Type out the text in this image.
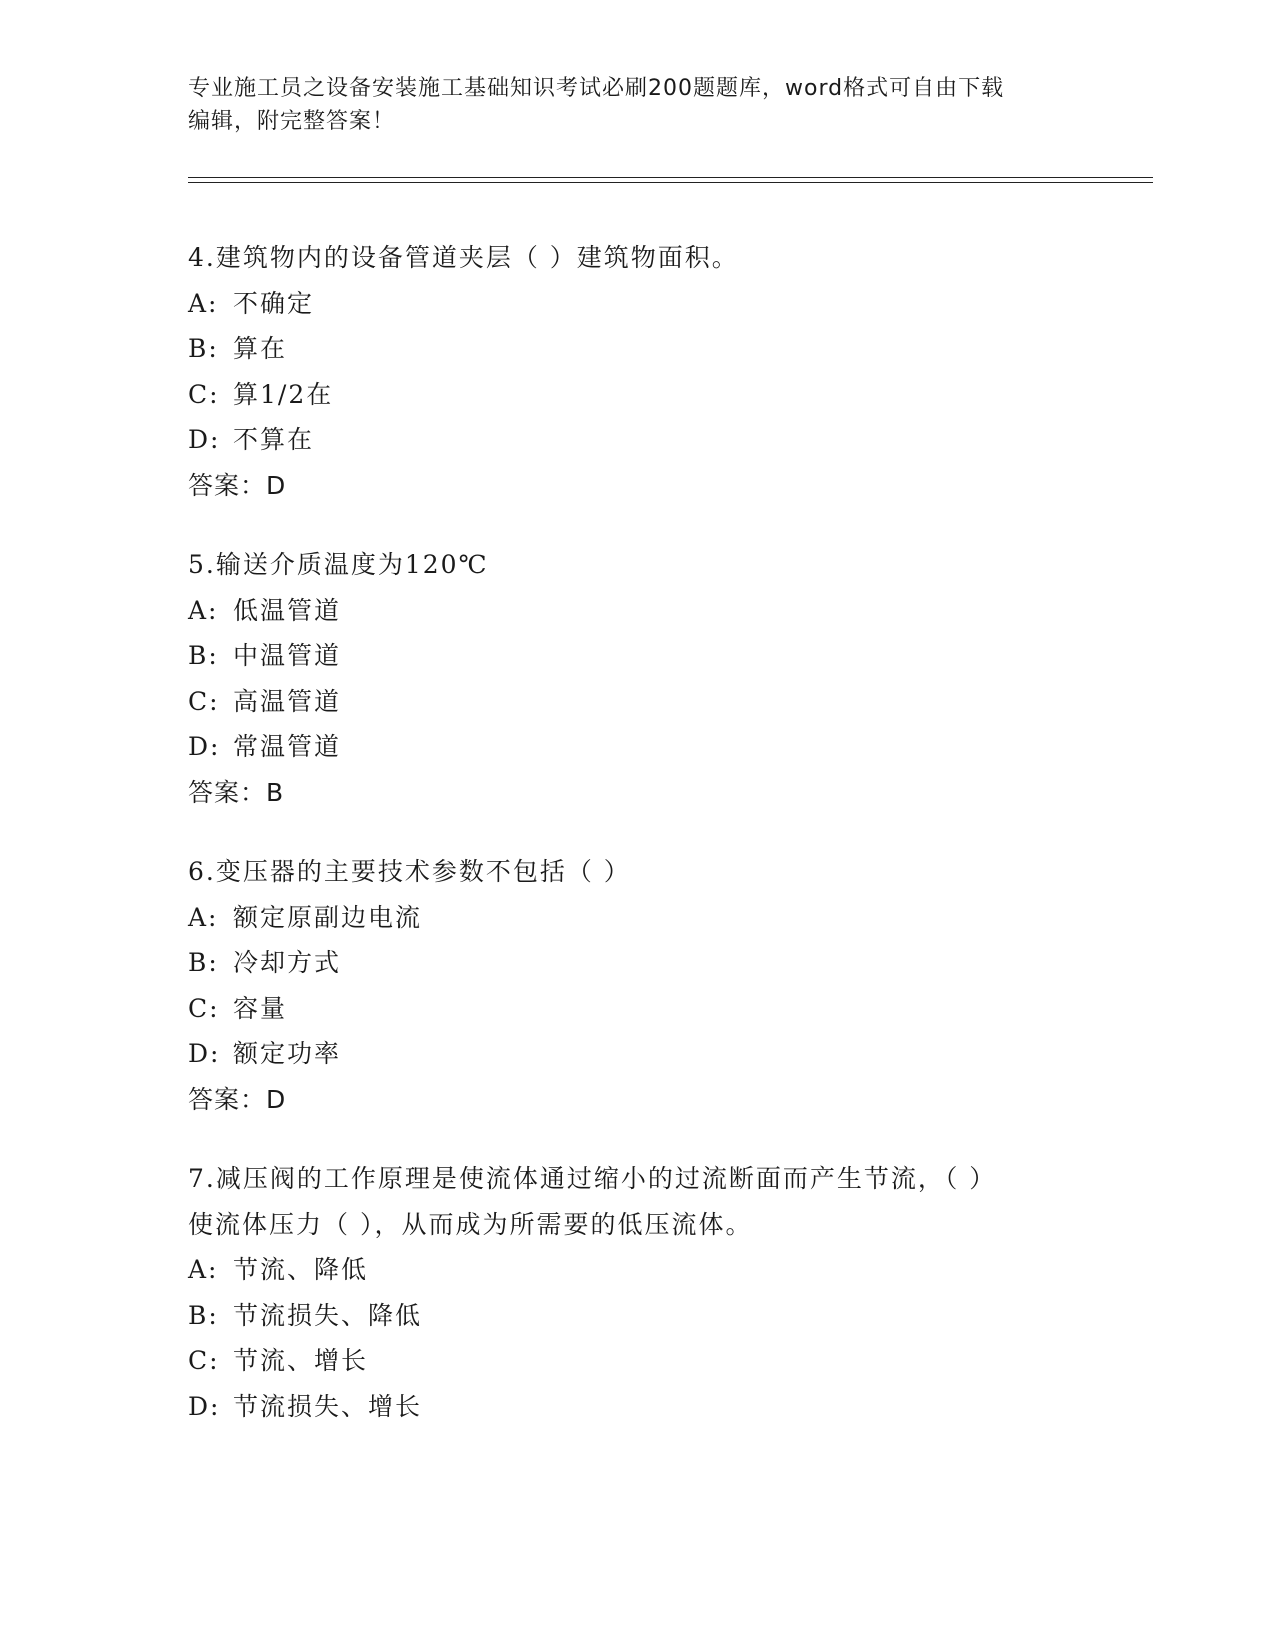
专业施工员之设备安装施工基础知识考试必刷200题题库，word格式可自由下载
编辑，附完整答案！

4.建筑物内的设备管道夹层（ ）建筑物面积。

A: 不确定
B: 算在
C: 算1/2在
D: 不算在
答案：D

5.输送介质温度为120℃

A: 低温管道
B: 中温管道
C: 高温管道
D: 常温管道
答案：B

6.变压器的主要技术参数不包括（ ）

A: 额定原副边电流
B: 冷却方式
C: 容量
D: 额定功率
答案：D

7.减压阀的工作原理是使流体通过缩小的过流断面而产生节流，（ ）

使流体压力（ ），从而成为所需要的低压流体。

A: 节流、降低
B: 节流损失、降低
C: 节流、增长
D: 节流损失、增长
